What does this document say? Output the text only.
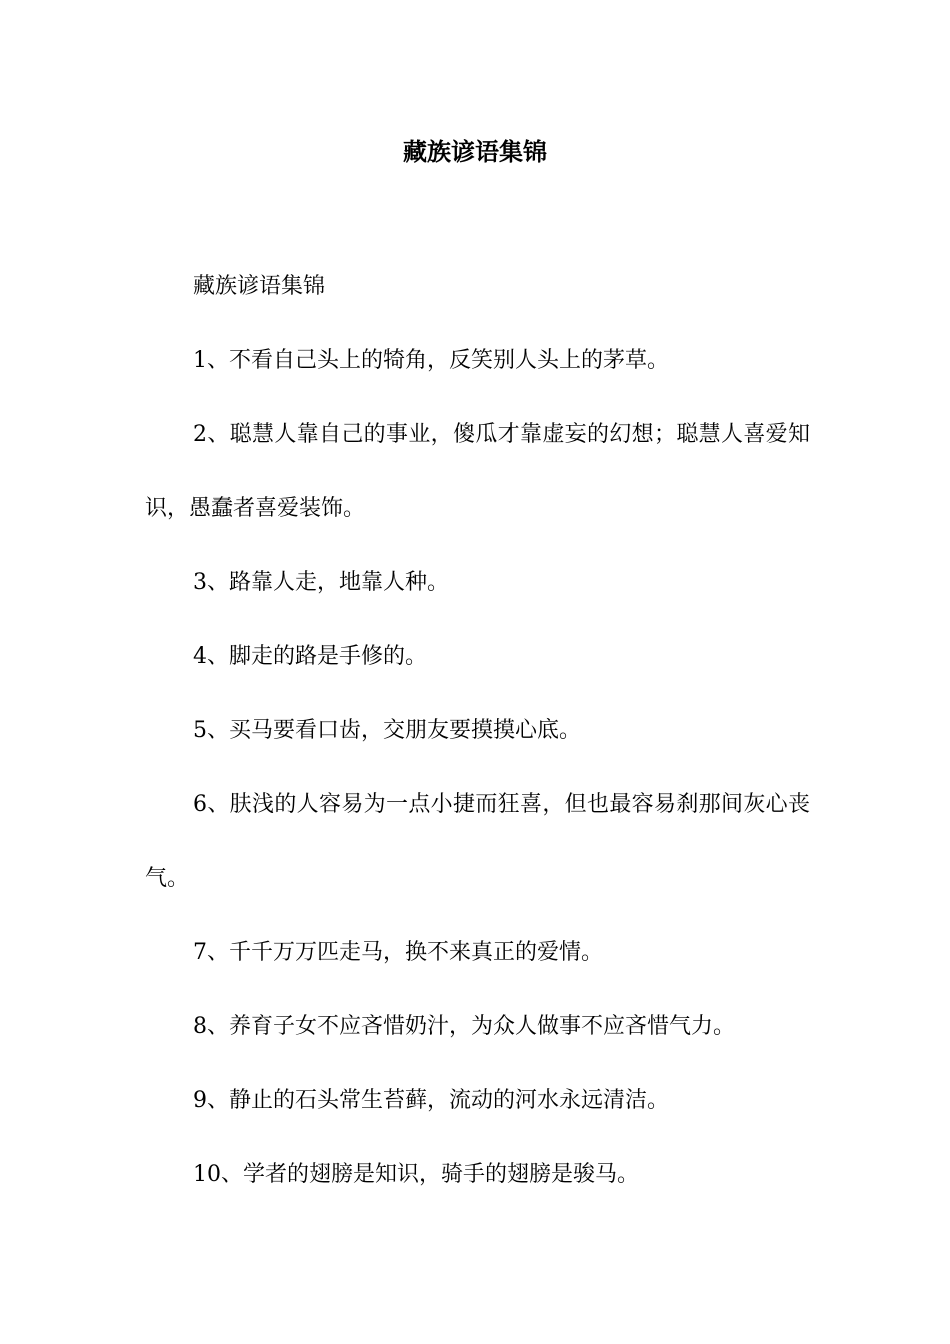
藏族谚语集锦

藏族谚语集锦

1、不看自己头上的犄角，反笑别人头上的茅草。

2、聪慧人靠自己的事业，傻瓜才靠虚妄的幻想；聪慧人喜爱知识，愚蠢者喜爱装饰。

3、路靠人走，地靠人种。

4、脚走的路是手修的。

5、买马要看口齿，交朋友要摸摸心底。

6、肤浅的人容易为一点小捷而狂喜，但也最容易刹那间灰心丧气。

7、千千万万匹走马，换不来真正的爱情。

8、养育子女不应吝惜奶汁，为众人做事不应吝惜气力。

9、静止的石头常生苔藓，流动的河水永远清洁。

10、学者的翅膀是知识，骑手的翅膀是骏马。
